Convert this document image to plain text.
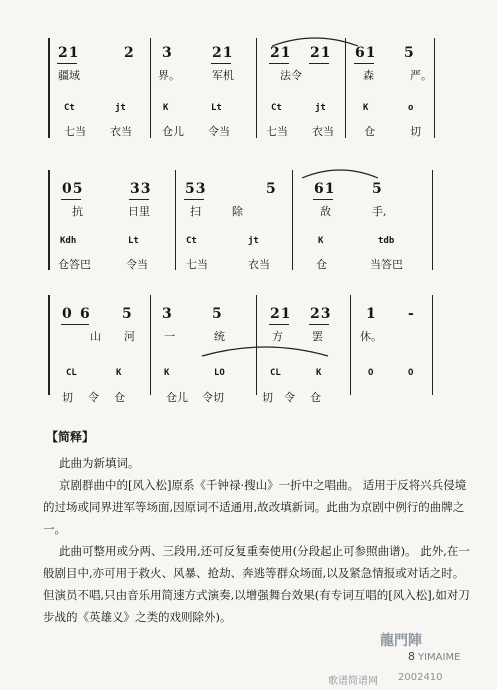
21	2 3	21	21 21 61 5
疆域	界。	军机	法令	森	严。
Ct	jt	K	Lt	Ct	jt	K	o
七当 衣当	仓儿 令当	七当 衣当	仓	切
05	33 53	5	61	5
抗	日里	扫	除	敌	手,
Kdh	Lt	Ct	jt	K	tdb
仓答巴	令当	七当	衣当	仓	当答巴
0 6 5 3	5	21 23 1 -
山 河	一	统	方	罢	休。
CL	K	K	LO	CL	K	O	O
切 令 仓	仓儿 令切	切 令 仓
【简释】

此曲为新填词。

京剧群曲中的[风入松]原系《千钟禄·搜山》一折中之唱曲。 适用于反将兴兵侵境的过场或同界进军等场面,因原词不适通用,故改填新词。此曲为京剧中例行的曲牌之一。

此曲可整用或分两、三段用,还可反复重奏使用(分段起止可参照曲谱)。 此外,在一般剧目中,亦可用于救火、风暴、抢劫、奔逃等群众场面,以及紧急情报或对话之时。但演员不唱,只由音乐用简速方式演奏,以增强舞台效果(有专词互唱的[风入松],如对刀步战的《英雄义》之类的戏则除外)。

8
龍門陣
YIMAIME
歌谱简谱网 2002410
